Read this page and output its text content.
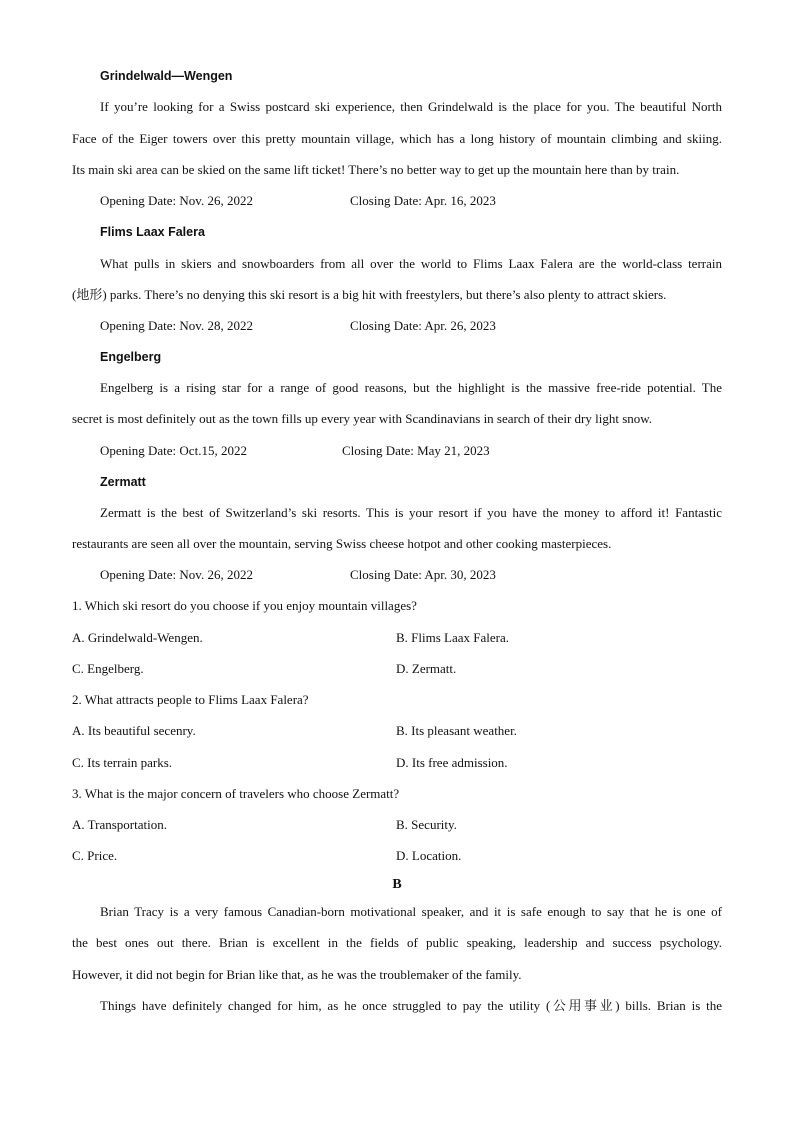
Grindelwald—Wengen
If you’re looking for a Swiss postcard ski experience, then Grindelwald is the place for you. The beautiful North
Face of the Eiger towers over this pretty mountain village, which has a long history of mountain climbing and skiing.
Its main ski area can be skied on the same lift ticket! There’s no better way to get up the mountain here than by train.
Opening Date: Nov. 26, 2022	Closing Date: Apr. 16, 2023
Flims Laax Falera
What pulls in skiers and snowboarders from all over the world to Flims Laax Falera are the world-class terrain
(地形) parks. There’s no denying this ski resort is a big hit with freestylers, but there’s also plenty to attract skiers.
Opening Date: Nov. 28, 2022	Closing Date: Apr. 26, 2023
Engelberg
Engelberg is a rising star for a range of good reasons, but the highlight is the massive free-ride potential. The
secret is most definitely out as the town fills up every year with Scandinavians in search of their dry light snow.
Opening Date: Oct.15, 2022	Closing Date: May 21, 2023
Zermatt
Zermatt is the best of Switzerland’s ski resorts. This is your resort if you have the money to afford it! Fantastic
restaurants are seen all over the mountain, serving Swiss cheese hotpot and other cooking masterpieces.
Opening Date: Nov. 26, 2022	Closing Date: Apr. 30, 2023
1. Which ski resort do you choose if you enjoy mountain villages?
A. Grindelwald-Wengen.	B. Flims Laax Falera.
C. Engelberg.	D. Zermatt.
2. What attracts people to Flims Laax Falera?
A. Its beautiful secenry.	B. Its pleasant weather.
C. Its terrain parks.	D. Its free admission.
3. What is the major concern of travelers who choose Zermatt?
A. Transportation.	B. Security.
C. Price.	D. Location.
B
Brian Tracy is a very famous Canadian-born motivational speaker, and it is safe enough to say that he is one of
the best ones out there. Brian is excellent in the fields of public speaking, leadership and success psychology.
However, it did not begin for Brian like that, as he was the troublemaker of the family.
Things have definitely changed for him, as he once struggled to pay the utility (公用事业) bills. Brian is the
